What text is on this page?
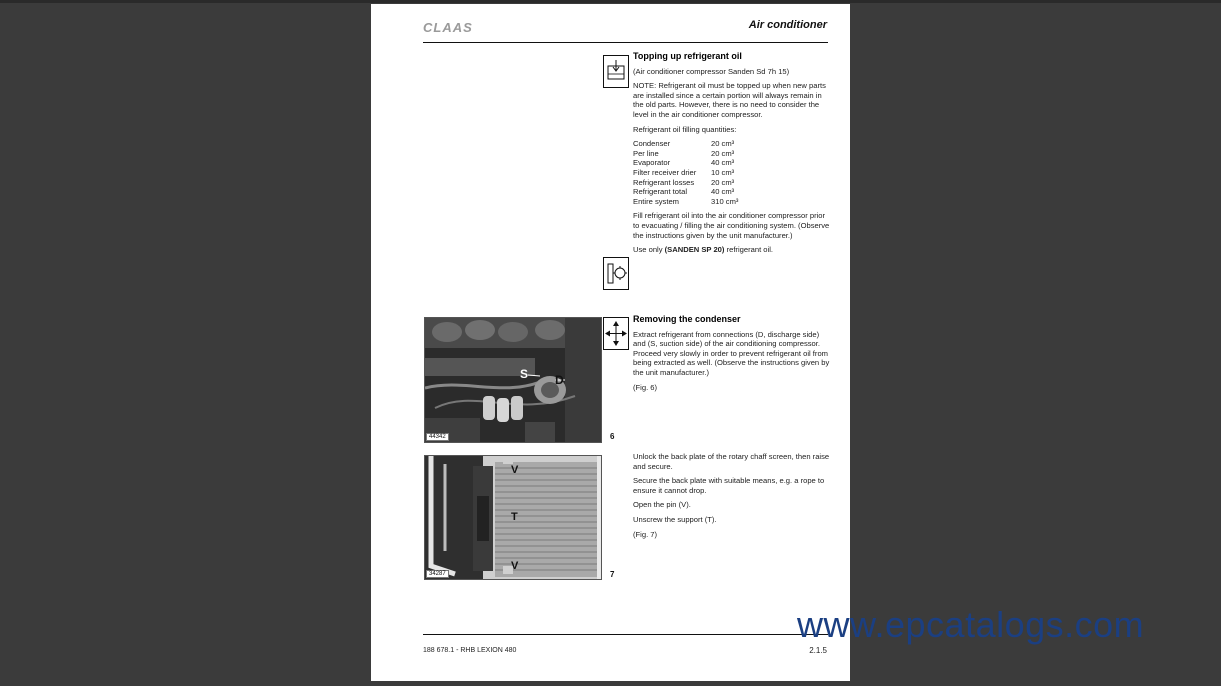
CLAAS	Air conditioner

Topping up refrigerant oil

(Air conditioner compressor Sanden Sd 7h 15)

NOTE: Refrigerant oil must be topped up when new parts are installed since a certain portion will always remain in the old parts. However, there is no need to consider the level in the air conditioner compressor.

Refrigerant oil filling quantities:

Condenser	20 cm³
Per line	20 cm³
Evaporator	40 cm³
Filter receiver drier	10 cm³
Refrigerant losses	20 cm³
Refrigerant total	40 cm³
Entire system	310 cm³

Fill refrigerant oil into the air conditioner compressor prior to evacuating / filling the air conditioning system. (Observe the instructions given by the unit manufacturer.)

Use only (SANDEN SP 20) refrigerant oil.

Removing the condenser

Extract refrigerant from connections (D, discharge side) and (S, suction side) of the air conditioning compressor. Proceed very slowly in order to prevent refrigerant oil from being extracted as well. (Observe the instructions given by the unit manufacturer.)

(Fig. 6)

Unlock the back plate of the rotary chaff screen, then raise and secure.

Secure the back plate with suitable means, e.g. a rope to ensure it cannot drop.

Open the pin (V).

Unscrew the support (T).

(Fig. 7)

S D
44342	6
V
T
V
34287	7
188 678.1 - RHB LEXION 480	2.1.5
www.epcatalogs.com
